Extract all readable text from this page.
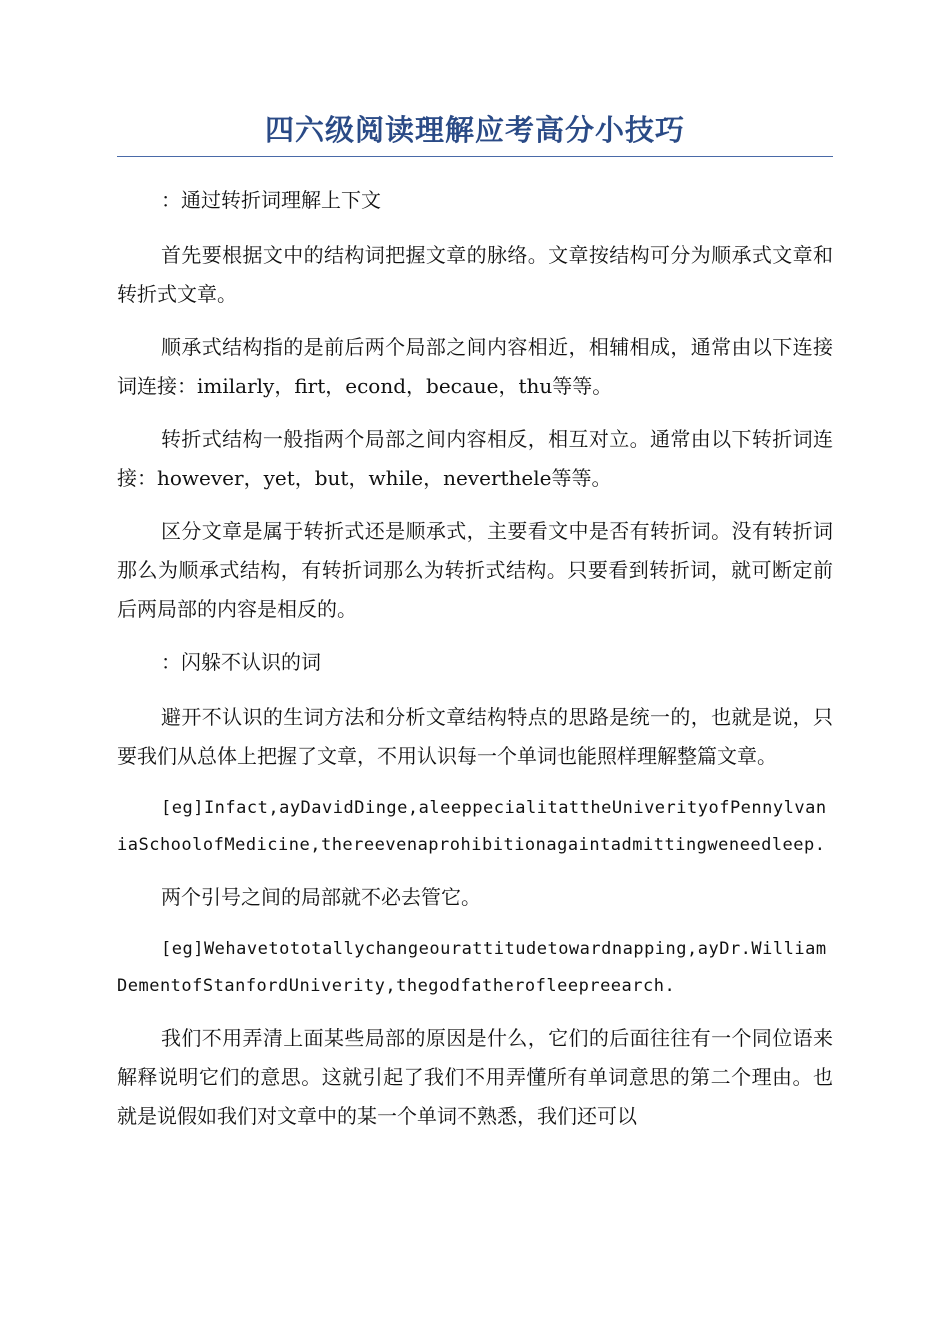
四六级阅读理解应考高分小技巧

：通过转折词理解上下文

首先要根据文中的结构词把握文章的脉络。文章按结构可分为顺承式文章和转折式文章。

顺承式结构指的是前后两个局部之间内容相近，相辅相成，通常由以下连接词连接：imilarly，firt，econd，becaue，thu等等。

转折式结构一般指两个局部之间内容相反，相互对立。通常由以下转折词连接：however，yet，but，while，neverthele等等。

区分文章是属于转折式还是顺承式，主要看文中是否有转折词。没有转折词那么为顺承式结构，有转折词那么为转折式结构。只要看到转折词，就可断定前后两局部的内容是相反的。

：闪躲不认识的词

避开不认识的生词方法和分析文章结构特点的思路是统一的，也就是说，只要我们从总体上把握了文章，不用认识每一个单词也能照样理解整篇文章。

[eg]Infact,ayDavidDinge,aleeppecialitattheUniverityofPennylvaniaSchoolofMedicine,thereevenaprohibitionagaintadmittingweneedleep.

两个引号之间的局部就不必去管它。

[eg]Wehavetototallychangeourattitudetowardnapping,ayDr.WilliamDementofStanfordUniverity,thegodfatherofleepreearch.

我们不用弄清上面某些局部的原因是什么，它们的后面往往有一个同位语来解释说明它们的意思。这就引起了我们不用弄懂所有单词意思的第二个理由。也就是说假如我们对文章中的某一个单词不熟悉，我们还可以
